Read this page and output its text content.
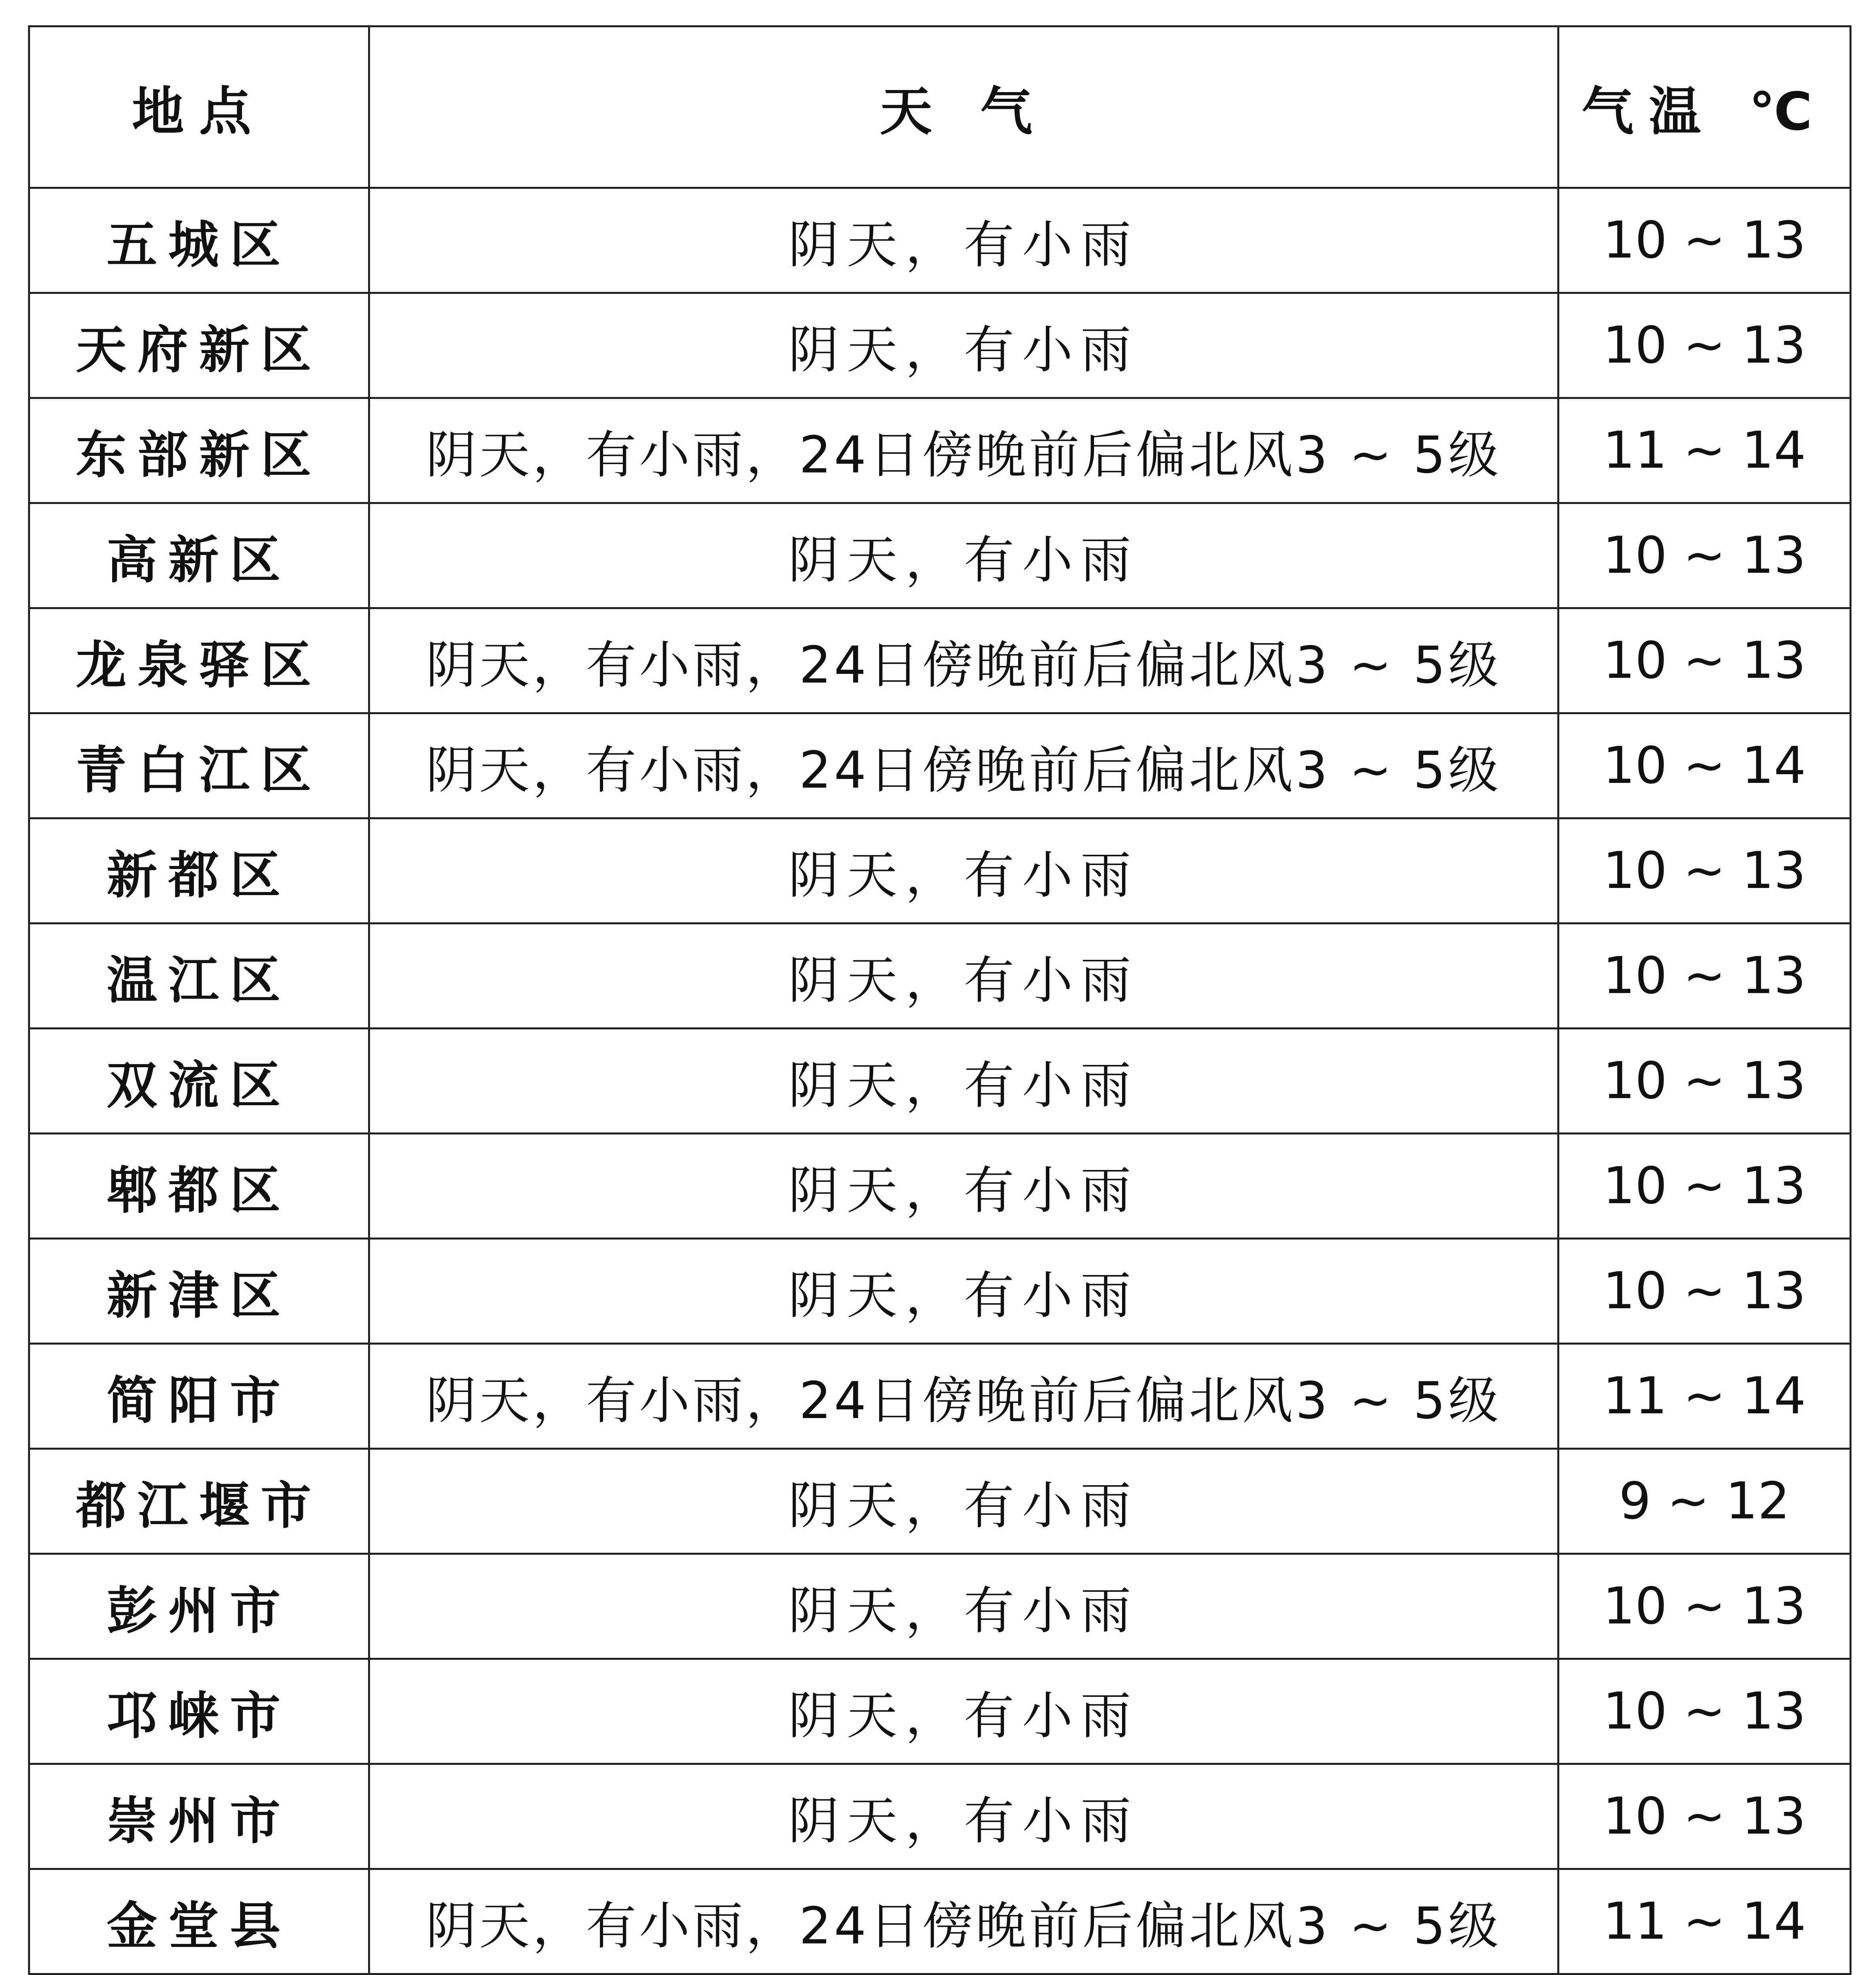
地点	天 气	气温 ℃
五城区	阴天，有小雨	10 ~ 13
天府新区	阴天，有小雨	10 ~ 13
东部新区	阴天，有小雨，24日傍晚前后偏北风3 ~ 5级	11 ~ 14
高新区	阴天，有小雨	10 ~ 13
龙泉驿区	阴天，有小雨，24日傍晚前后偏北风3 ~ 5级	10 ~ 13
青白江区	阴天，有小雨，24日傍晚前后偏北风3 ~ 5级	10 ~ 14
新都区	阴天，有小雨	10 ~ 13
温江区	阴天，有小雨	10 ~ 13
双流区	阴天，有小雨	10 ~ 13
郫都区	阴天，有小雨	10 ~ 13
新津区	阴天，有小雨	10 ~ 13
简阳市	阴天，有小雨，24日傍晚前后偏北风3 ~ 5级	11 ~ 14
都江堰市	阴天，有小雨	9 ~ 12
彭州市	阴天，有小雨	10 ~ 13
邛崃市	阴天，有小雨	10 ~ 13
崇州市	阴天，有小雨	10 ~ 13
金堂县	阴天，有小雨，24日傍晚前后偏北风3 ~ 5级	11 ~ 14
